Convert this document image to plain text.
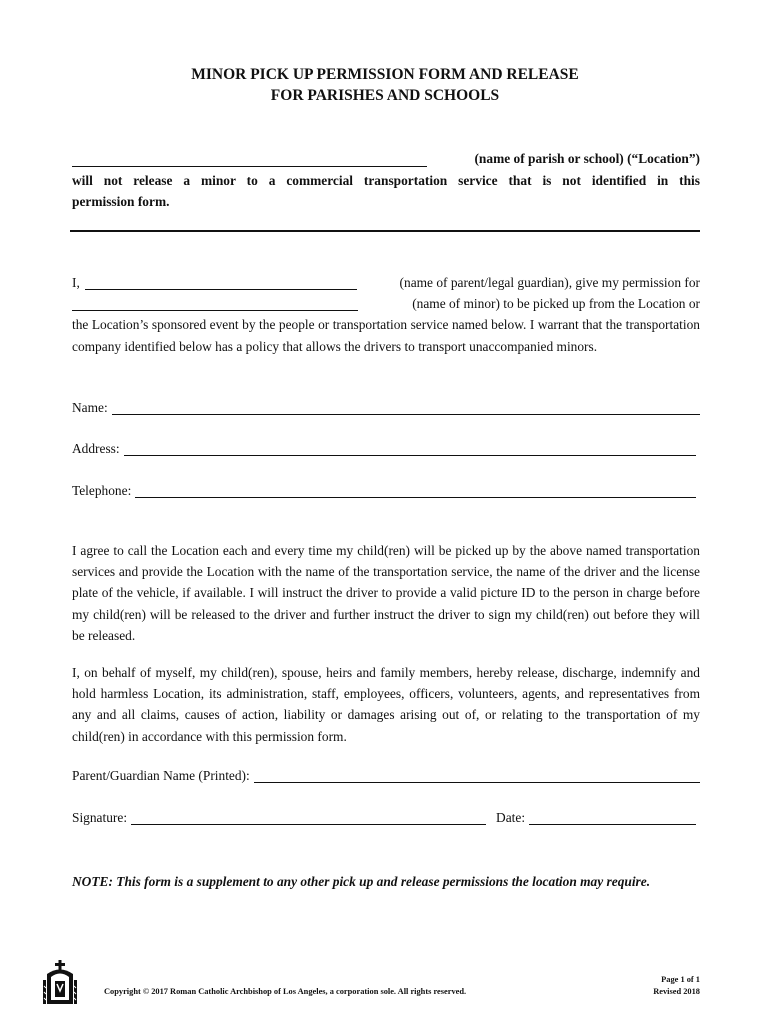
MINOR PICK UP PERMISSION FORM AND RELEASE
FOR PARISHES AND SCHOOLS
(name of parish or school) (“Location”)
will not release a minor to a commercial transportation service that is not identified in this
permission form.
I,	(name of parent/legal guardian), give my permission for
(name of minor) to be picked up from the Location or
the Location’s sponsored event by the people or transportation service named below. I warrant that the transportation company identified below has a policy that allows the drivers to transport unaccompanied minors.
Name:
Address:
Telephone:
I agree to call the Location each and every time my child(ren) will be picked up by the above named transportation services and provide the Location with the name of the transportation service, the name of the driver and the license plate of the vehicle, if available. I will instruct the driver to provide a valid picture ID to the person in charge before my child(ren) will be released to the driver and further instruct the driver to sign my child(ren) out before they will be released.
I, on behalf of myself, my child(ren), spouse, heirs and family members, hereby release, discharge, indemnify and hold harmless Location, its administration, staff, employees, officers, volunteers, agents, and representatives from any and all claims, causes of action, liability or damages arising out of, or relating to the transportation of my child(ren) in accordance with this permission form.
Parent/Guardian Name (Printed):
Signature:	Date:
NOTE: This form is a supplement to any other pick up and release permissions the location may require.
Copyright © 2017 Roman Catholic Archbishop of Los Angeles, a corporation sole. All rights reserved.
Page 1 of 1
Revised 2018
